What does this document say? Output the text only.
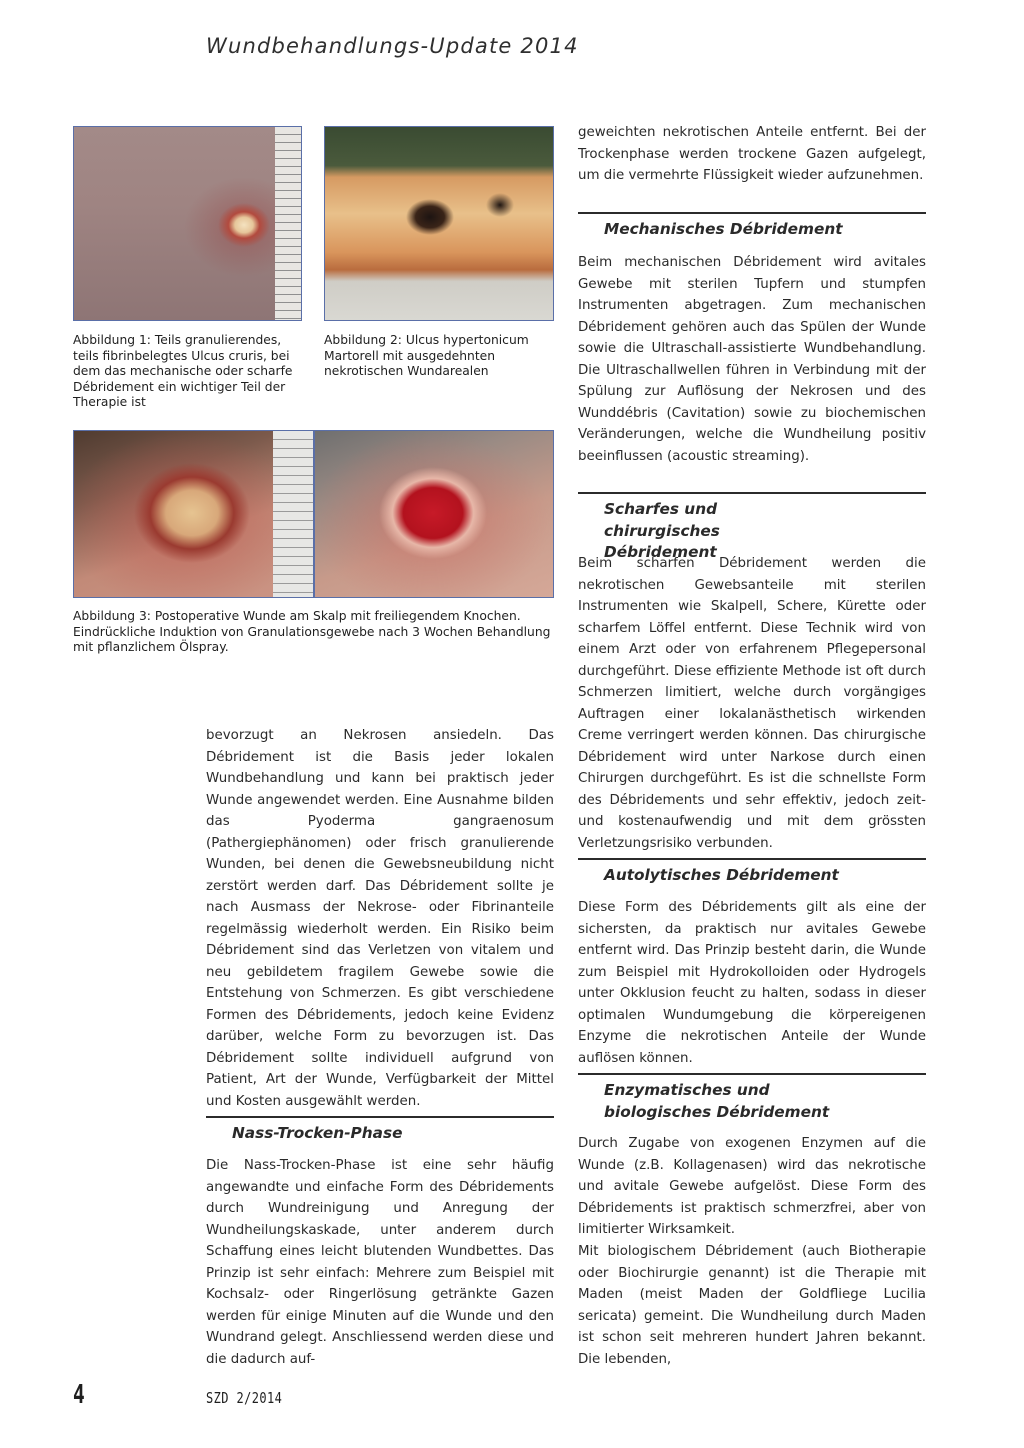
Wundbehandlungs-Update 2014

Abbildung 1: Teils granulierendes, teils fibrinbelegtes Ulcus cruris, bei dem das mechanische oder scharfe Débridement ein wichtiger Teil der Therapie ist

Abbildung 2: Ulcus hypertonicum Martorell mit ausgedehnten nekrotischen Wundarealen

Abbildung 3: Postoperative Wunde am Skalp mit freiliegendem Knochen. Eindrückliche Induktion von Granulationsgewebe nach 3 Wochen Behandlung mit pflanzlichem Ölspray.

bevorzugt an Nekrosen ansiedeln. Das Débridement ist die Basis jeder lokalen Wundbehandlung und kann bei praktisch jeder Wunde angewendet werden. Eine Ausnahme bilden das Pyoderma gangraenosum (Pathergiephänomen) oder frisch granulierende Wunden, bei denen die Gewebsneubildung nicht zerstört werden darf. Das Débridement sollte je nach Ausmass der Nekrose- oder Fibrinanteile regelmässig wiederholt werden. Ein Risiko beim Débridement sind das Verletzen von vitalem und neu gebildetem fragilem Gewebe sowie die Entstehung von Schmerzen. Es gibt verschiedene Formen des Débridements, jedoch keine Evidenz darüber, welche Form zu bevorzugen ist. Das Débridement sollte individuell aufgrund von Patient, Art der Wunde, Verfügbarkeit der Mittel und Kosten ausgewählt werden.

Nass-Trocken-Phase

Die Nass-Trocken-Phase ist eine sehr häufig angewandte und einfache Form des Débridements durch Wundreinigung und Anregung der Wundheilungskaskade, unter anderem durch Schaffung eines leicht blutenden Wundbettes. Das Prinzip ist sehr einfach: Mehrere zum Beispiel mit Kochsalz- oder Ringerlösung getränkte Gazen werden für einige Minuten auf die Wunde und den Wundrand gelegt. Anschliessend werden diese und die dadurch auf-

geweichten nekrotischen Anteile entfernt. Bei der Trockenphase werden trockene Gazen aufgelegt, um die vermehrte Flüssigkeit wieder aufzunehmen.

Mechanisches Débridement

Beim mechanischen Débridement wird avitales Gewebe mit sterilen Tupfern und stumpfen Instrumenten abgetragen. Zum mechanischen Débridement gehören auch das Spülen der Wunde sowie die Ultraschall-assistierte Wundbehandlung. Die Ultraschallwellen führen in Verbindung mit der Spülung zur Auflösung der Nekrosen und des Wunddébris (Cavitation) sowie zu biochemischen Veränderungen, welche die Wundheilung positiv beeinflussen (acoustic streaming).

Scharfes und chirurgisches Débridement

Beim scharfen Débridement werden die nekrotischen Gewebsanteile mit sterilen Instrumenten wie Skalpell, Schere, Kürette oder scharfem Löffel entfernt. Diese Technik wird von einem Arzt oder von erfahrenem Pflegepersonal durchgeführt. Diese effiziente Methode ist oft durch Schmerzen limitiert, welche durch vorgängiges Auftragen einer lokalanästhetisch wirkenden Creme verringert werden können. Das chirurgische Débridement wird unter Narkose durch einen Chirurgen durchgeführt. Es ist die schnellste Form des Débridements und sehr effektiv, jedoch zeit- und kostenaufwendig und mit dem grössten Verletzungsrisiko verbunden.

Autolytisches Débridement

Diese Form des Débridements gilt als eine der sichersten, da praktisch nur avitales Gewebe entfernt wird. Das Prinzip besteht darin, die Wunde zum Beispiel mit Hydrokolloiden oder Hydrogels unter Okklusion feucht zu halten, sodass in dieser optimalen Wundumgebung die körpereigenen Enzyme die nekrotischen Anteile der Wunde auflösen können.

Enzymatisches und biologisches Débridement

Durch Zugabe von exogenen Enzymen auf die Wunde (z.B. Kollagenasen) wird das nekrotische und avitale Gewebe aufgelöst. Diese Form des Débridements ist praktisch schmerzfrei, aber von limitierter Wirksamkeit.

Mit biologischem Débridement (auch Biotherapie oder Biochirurgie genannt) ist die Therapie mit Maden (meist Maden der Goldfliege Lucilia sericata) gemeint. Die Wundheilung durch Maden ist schon seit mehreren hundert Jahren bekannt. Die lebenden,

4	SZD 2/2014
